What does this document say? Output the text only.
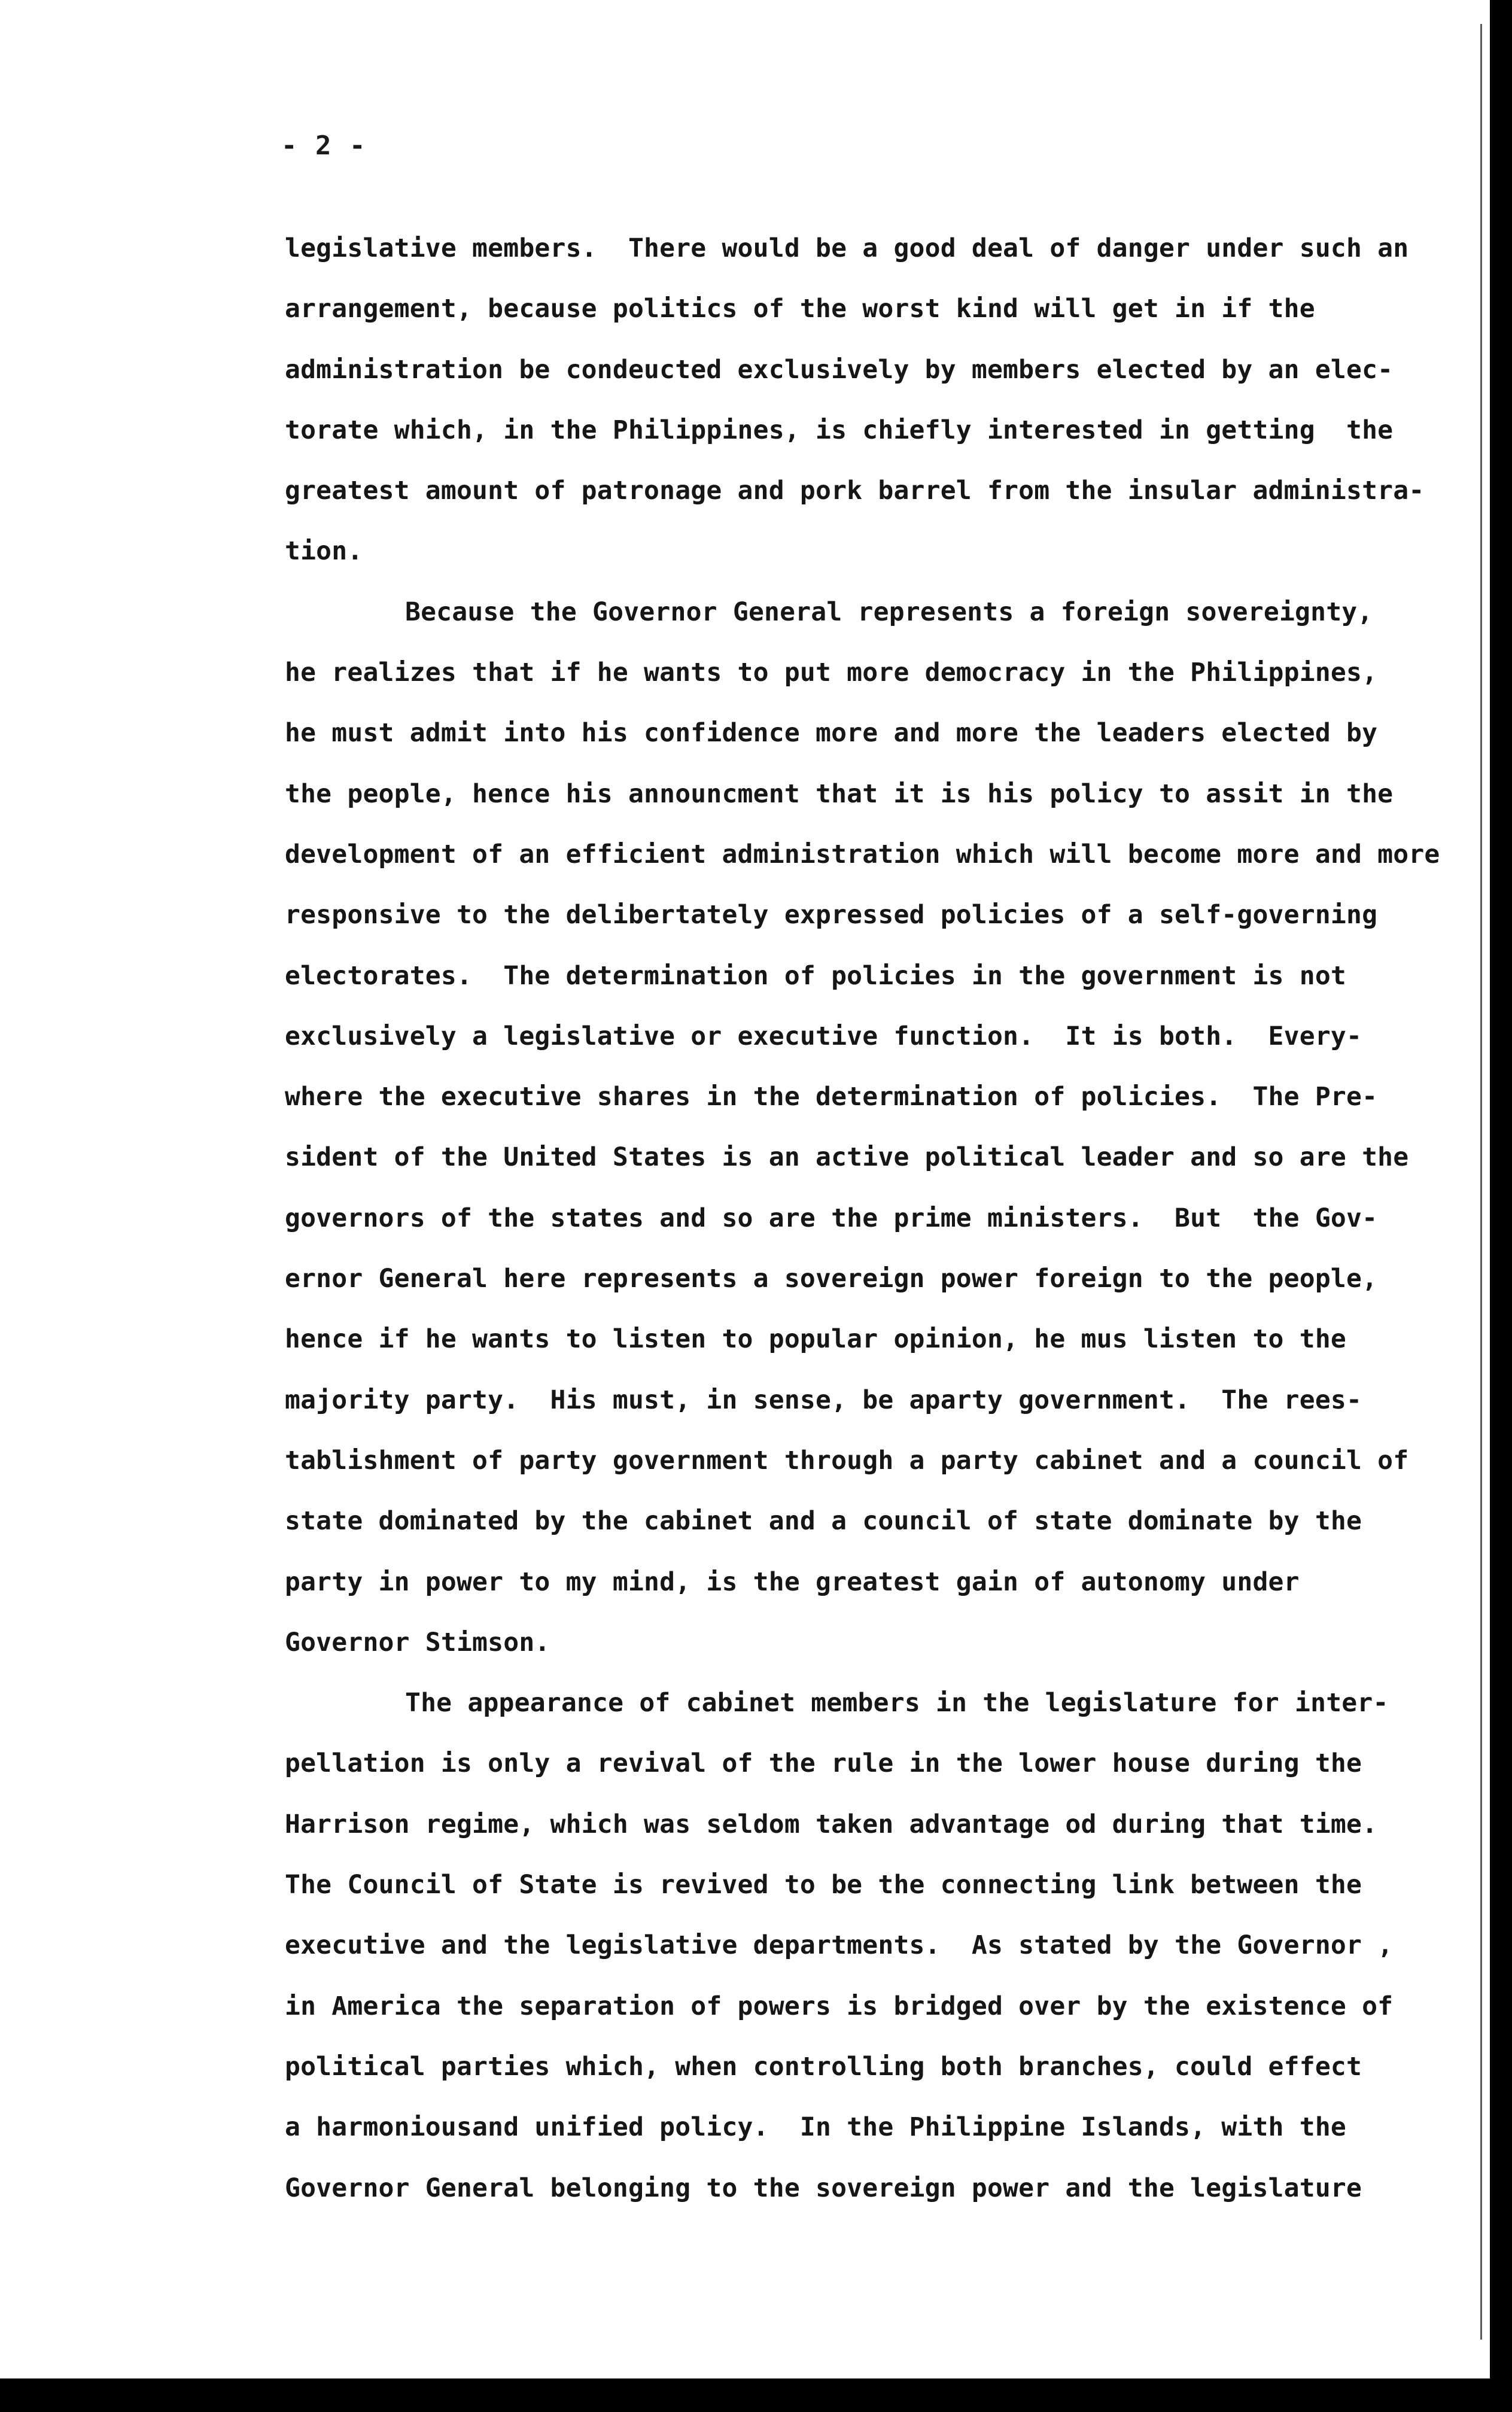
- 2 -
legislative members.  There would be a good deal of danger under such an
arrangement, because politics of the worst kind will get in if the
administration be condeucted exclusively by members elected by an elec-
torate which, in the Philippines, is chiefly interested in getting  the
greatest amount of patronage and pork barrel from the insular administra-
tion.
Because the Governor General represents a foreign sovereignty,
he realizes that if he wants to put more democracy in the Philippines,
he must admit into his confidence more and more the leaders elected by
the people, hence his announcment that it is his policy to assit in the
development of an efficient administration which will become more and more
responsive to the delibertately expressed policies of a self-governing
electorates.  The determination of policies in the government is not
exclusively a legislative or executive function.  It is both.  Every-
where the executive shares in the determination of policies.  The Pre-
sident of the United States is an active political leader and so are the
governors of the states and so are the prime ministers.  But  the Gov-
ernor General here represents a sovereign power foreign to the people,
hence if he wants to listen to popular opinion, he mus listen to the
majority party.  His must, in sense, be aparty government.  The rees-
tablishment of party government through a party cabinet and a council of
state dominated by the cabinet and a council of state dominate by the
party in power to my mind, is the greatest gain of autonomy under
Governor Stimson.
The appearance of cabinet members in the legislature for inter-
pellation is only a revival of the rule in the lower house during the
Harrison regime, which was seldom taken advantage od during that time.
The Council of State is revived to be the connecting link between the
executive and the legislative departments.  As stated by the Governor ,
in America the separation of powers is bridged over by the existence of
political parties which, when controlling both branches, could effect
a harmoniousand unified policy.  In the Philippine Islands, with the
Governor General belonging to the sovereign power and the legislature
